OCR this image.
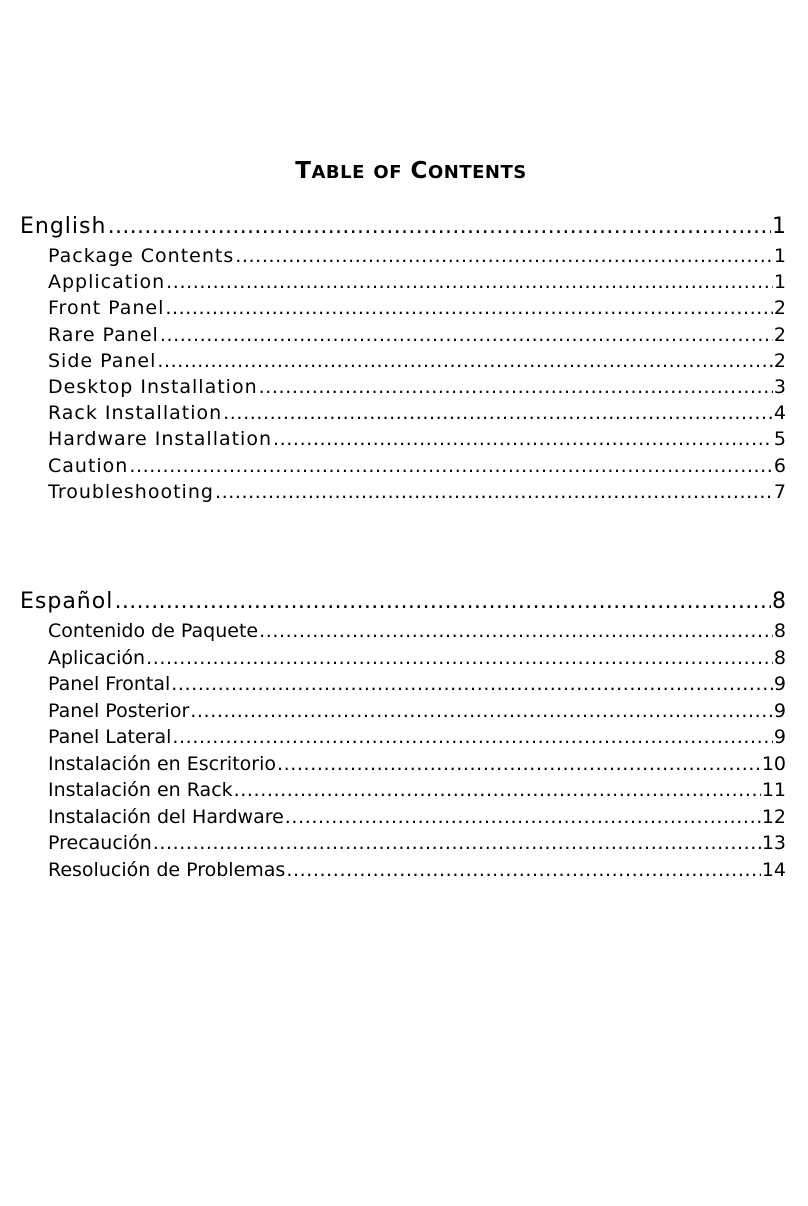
TABLE OF CONTENTS
English ……………………………………………………………………………………………………………………………………………………………………………………………………………	1
Package Contents .....	1
Application .....	1
Front Panel .....	2
Rare Panel .....	2
Side Panel .....	2
Desktop Installation .....	3
Rack Installation .....	4
Hardware Installation .....	5
Caution .....	6
Troubleshooting .....	7
Español ……………………………………………………………………………………………………………………………………………………………………………………………………………	8
Contenido de Paquete .....	8
Aplicación .....	8
Panel Frontal .....	9
Panel Posterior .....	9
Panel Lateral .....	9
Instalación en Escritorio .....	10
Instalación en Rack .....	11
Instalación del Hardware .....	12
Precaución .....	13
Resolución de Problemas .....	14
